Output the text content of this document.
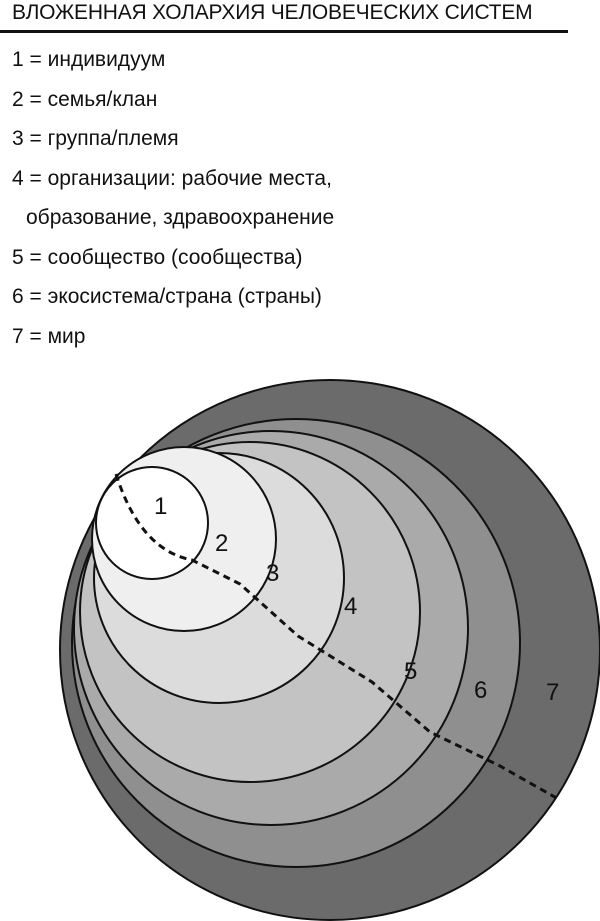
ВЛОЖЕННАЯ ХОЛАРХИЯ ЧЕЛОВЕЧЕСКИХ СИСТЕМ
1 = индивидуум
2 = семья/клан
3 = группа/племя
4 = организации: рабочие места,
образование, здравоохранение
5 = сообщество (сообщества)
6 = экосистема/страна (страны)
7 = мир
1
2
3
4
5
6 7
